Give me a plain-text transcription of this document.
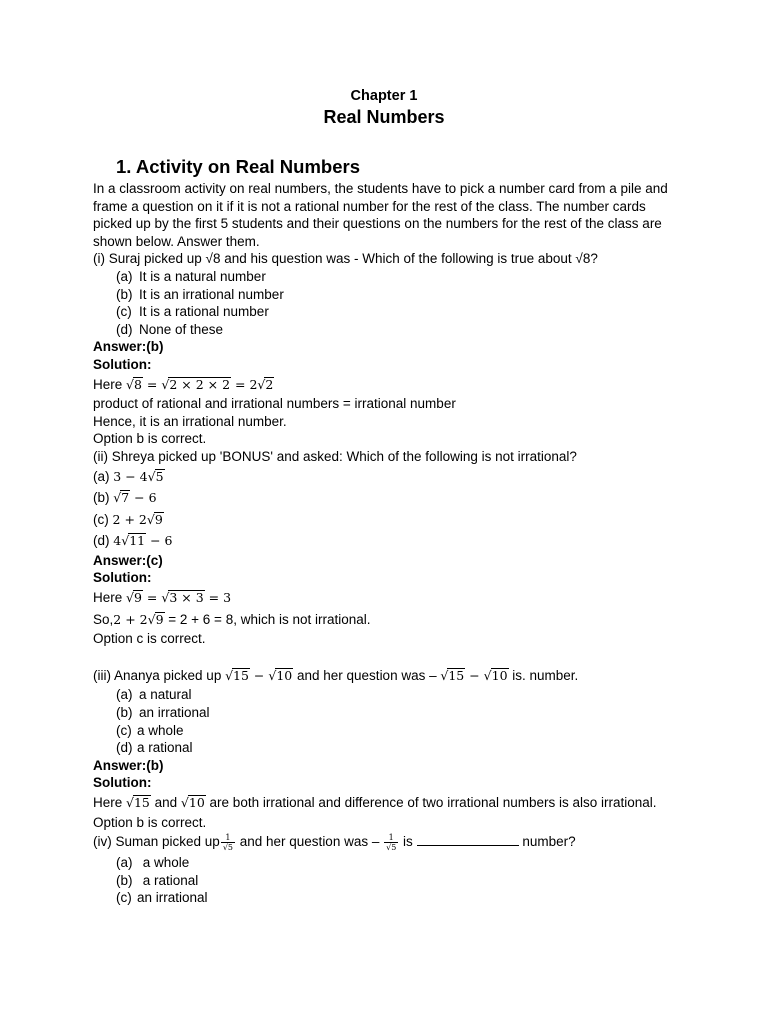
Chapter 1
Real Numbers
1. Activity on Real Numbers

In a classroom activity on real numbers, the students have to pick a number card from a pile and frame a question on it if it is not a rational number for the rest of the class. The number cards picked up by the first 5 students and their questions on the numbers for the rest of the class are shown below. Answer them.

(i) Suraj picked up √8 and his question was - Which of the following is true about √8?

(a) It is a natural number

(b) It is an irrational number

(c) It is a rational number

(d) None of these

Answer:(b)

Solution:

Here √8 = √2 × 2 × 2 = 2√2

product of rational and irrational numbers = irrational number

Hence, it is an irrational number.

Option b is correct.

(ii) Shreya picked up 'BONUS' and asked: Which of the following is not irrational?

(a) 3 − 4√5

(b) √7 − 6

(c) 2 + 2√9

(d) 4√11 − 6

Answer:(c)

Solution:

Here √9 = √3 × 3 = 3

So,2 + 2√9 = 2 + 6 = 8, which is not irrational.

Option c is correct.

(iii) Ananya picked up √15 − √10 and her question was – √15 − √10 is. number.

(a) a natural

(b) an irrational

(c) a whole

(d) a rational

Answer:(b)

Solution:

Here √15 and √10 are both irrational and difference of two irrational numbers is also irrational.

Option b is correct.

(iv) Suman picked up $\frac{1}{√5}$ and her question was – $\frac{1}{√5}$ is	number?

(a) a whole

(b) a rational

(c) an irrational
